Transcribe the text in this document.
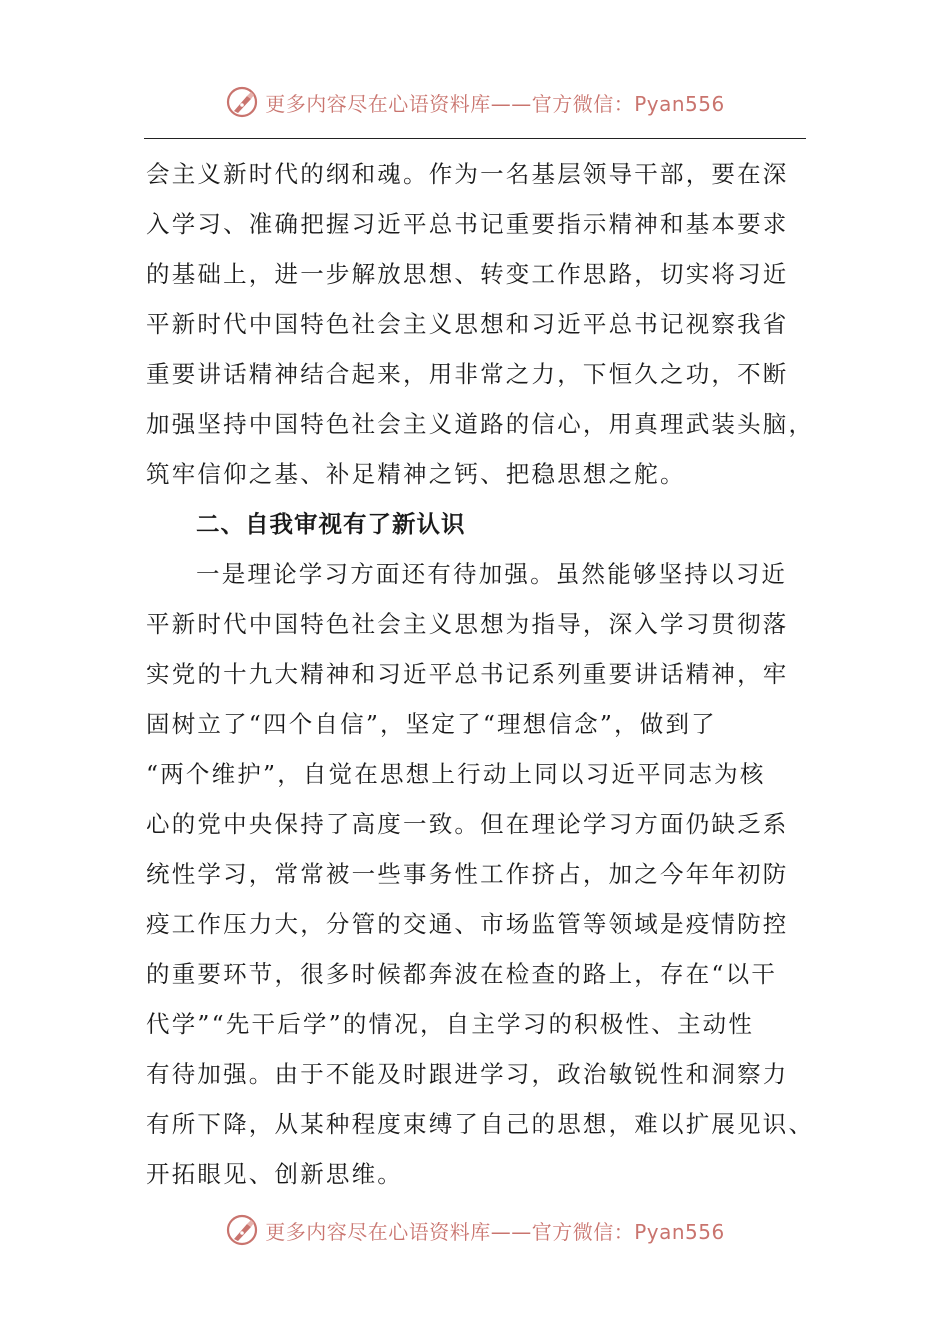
更多内容尽在心语资料库——官方微信：Pyan556
会主义新时代的纲和魂。作为一名基层领导干部，要在深
入学习、准确把握习近平总书记重要指示精神和基本要求
的基础上，进一步解放思想、转变工作思路，切实将习近
平新时代中国特色社会主义思想和习近平总书记视察我省
重要讲话精神结合起来，用非常之力，下恒久之功，不断
加强坚持中国特色社会主义道路的信心，用真理武装头脑，
筑牢信仰之基、补足精神之钙、把稳思想之舵。
二、自我审视有了新认识
一是理论学习方面还有待加强。虽然能够坚持以习近
平新时代中国特色社会主义思想为指导，深入学习贯彻落
实党的十九大精神和习近平总书记系列重要讲话精神，牢
固树立了“四个自信”，坚定了“理想信念”，做到了
“两个维护”，自觉在思想上行动上同以习近平同志为核
心的党中央保持了高度一致。但在理论学习方面仍缺乏系
统性学习，常常被一些事务性工作挤占，加之今年年初防
疫工作压力大，分管的交通、市场监管等领域是疫情防控
的重要环节，很多时候都奔波在检查的路上，存在“以干
代学”“先干后学”的情况，自主学习的积极性、主动性
有待加强。由于不能及时跟进学习，政治敏锐性和洞察力
有所下降，从某种程度束缚了自己的思想，难以扩展见识、
开拓眼见、创新思维。
更多内容尽在心语资料库——官方微信：Pyan556
